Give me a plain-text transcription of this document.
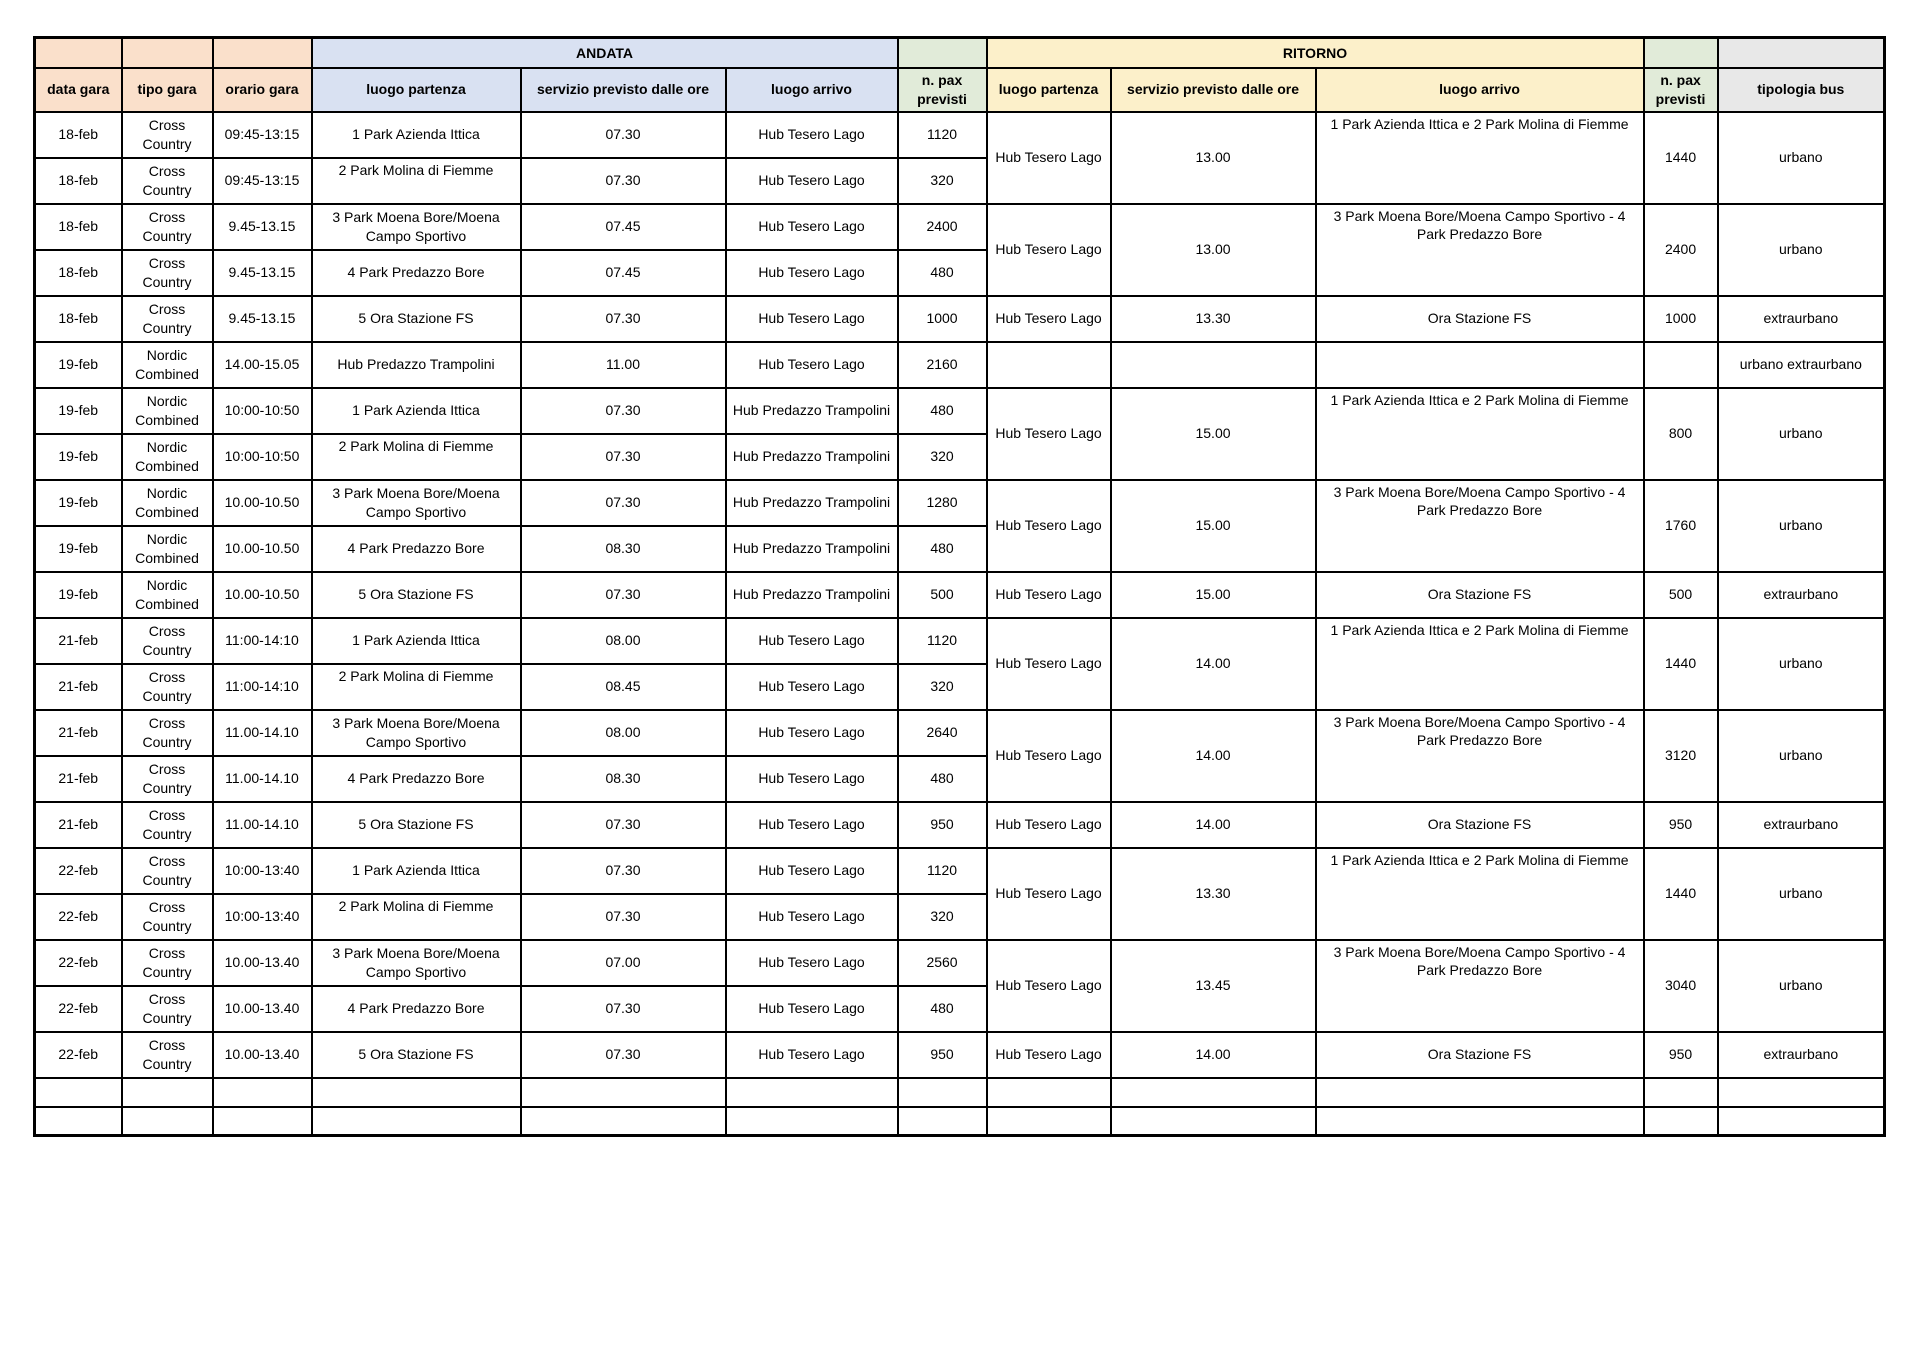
			ANDATA				RITORNO				
data gara	tipo gara	orario gara	luogo partenza	servizio previsto dalle ore	luogo arrivo	n. pax previsti	luogo partenza	servizio previsto dalle ore	luogo arrivo	n. pax previsti	tipologia bus
18-feb	Cross Country	09:45-13:15	1 Park Azienda Ittica	07.30	Hub Tesero Lago	1120	Hub Tesero Lago	13.00	1 Park Azienda Ittica e 2 Park Molina di Fiemme	1440	urbano
18-feb	Cross Country	09:45-13:15	2 Park Molina di Fiemme	07.30	Hub Tesero Lago	320					
18-feb	Cross Country	9.45-13.15	3 Park Moena Bore/Moena Campo Sportivo	07.45	Hub Tesero Lago	2400	Hub Tesero Lago	13.00	3 Park Moena Bore/Moena Campo Sportivo - 4 Park Predazzo Bore	2400	urbano
18-feb	Cross Country	9.45-13.15	4 Park Predazzo Bore	07.45	Hub Tesero Lago	480					
18-feb	Cross Country	9.45-13.15	5 Ora Stazione FS	07.30	Hub Tesero Lago	1000	Hub Tesero Lago	13.30	Ora Stazione FS	1000	extraurbano
19-feb	Nordic Combined	14.00-15.05	Hub Predazzo Trampolini	11.00	Hub Tesero Lago	2160					urbano extraurbano
19-feb	Nordic Combined	10:00-10:50	1 Park Azienda Ittica	07.30	Hub Predazzo Trampolini	480	Hub Tesero Lago	15.00	1 Park Azienda Ittica e 2 Park Molina di Fiemme	800	urbano
19-feb	Nordic Combined	10:00-10:50	2 Park Molina di Fiemme	07.30	Hub Predazzo Trampolini	320					
19-feb	Nordic Combined	10.00-10.50	3 Park Moena Bore/Moena Campo Sportivo	07.30	Hub Predazzo Trampolini	1280	Hub Tesero Lago	15.00	3 Park Moena Bore/Moena Campo Sportivo - 4 Park Predazzo Bore	1760	urbano
19-feb	Nordic Combined	10.00-10.50	4 Park Predazzo Bore	08.30	Hub Predazzo Trampolini	480					
19-feb	Nordic Combined	10.00-10.50	5 Ora Stazione FS	07.30	Hub Predazzo Trampolini	500	Hub Tesero Lago	15.00	Ora Stazione FS	500	extraurbano
21-feb	Cross Country	11:00-14:10	1 Park Azienda Ittica	08.00	Hub Tesero Lago	1120	Hub Tesero Lago	14.00	1 Park Azienda Ittica e 2 Park Molina di Fiemme	1440	urbano
21-feb	Cross Country	11:00-14:10	2 Park Molina di Fiemme	08.45	Hub Tesero Lago	320					
21-feb	Cross Country	11.00-14.10	3 Park Moena Bore/Moena Campo Sportivo	08.00	Hub Tesero Lago	2640	Hub Tesero Lago	14.00	3 Park Moena Bore/Moena Campo Sportivo - 4 Park Predazzo Bore	3120	urbano
21-feb	Cross Country	11.00-14.10	4 Park Predazzo Bore	08.30	Hub Tesero Lago	480					
21-feb	Cross Country	11.00-14.10	5 Ora Stazione FS	07.30	Hub Tesero Lago	950	Hub Tesero Lago	14.00	Ora Stazione FS	950	extraurbano
22-feb	Cross Country	10:00-13:40	1 Park Azienda Ittica	07.30	Hub Tesero Lago	1120	Hub Tesero Lago	13.30	1 Park Azienda Ittica e 2 Park Molina di Fiemme	1440	urbano
22-feb	Cross Country	10:00-13:40	2 Park Molina di Fiemme	07.30	Hub Tesero Lago	320					
22-feb	Cross Country	10.00-13.40	3 Park Moena Bore/Moena Campo Sportivo	07.00	Hub Tesero Lago	2560	Hub Tesero Lago	13.45	3 Park Moena Bore/Moena Campo Sportivo - 4 Park Predazzo Bore	3040	urbano
22-feb	Cross Country	10.00-13.40	4 Park Predazzo Bore	07.30	Hub Tesero Lago	480					
22-feb	Cross Country	10.00-13.40	5 Ora Stazione FS	07.30	Hub Tesero Lago	950	Hub Tesero Lago	14.00	Ora Stazione FS	950	extraurbano
